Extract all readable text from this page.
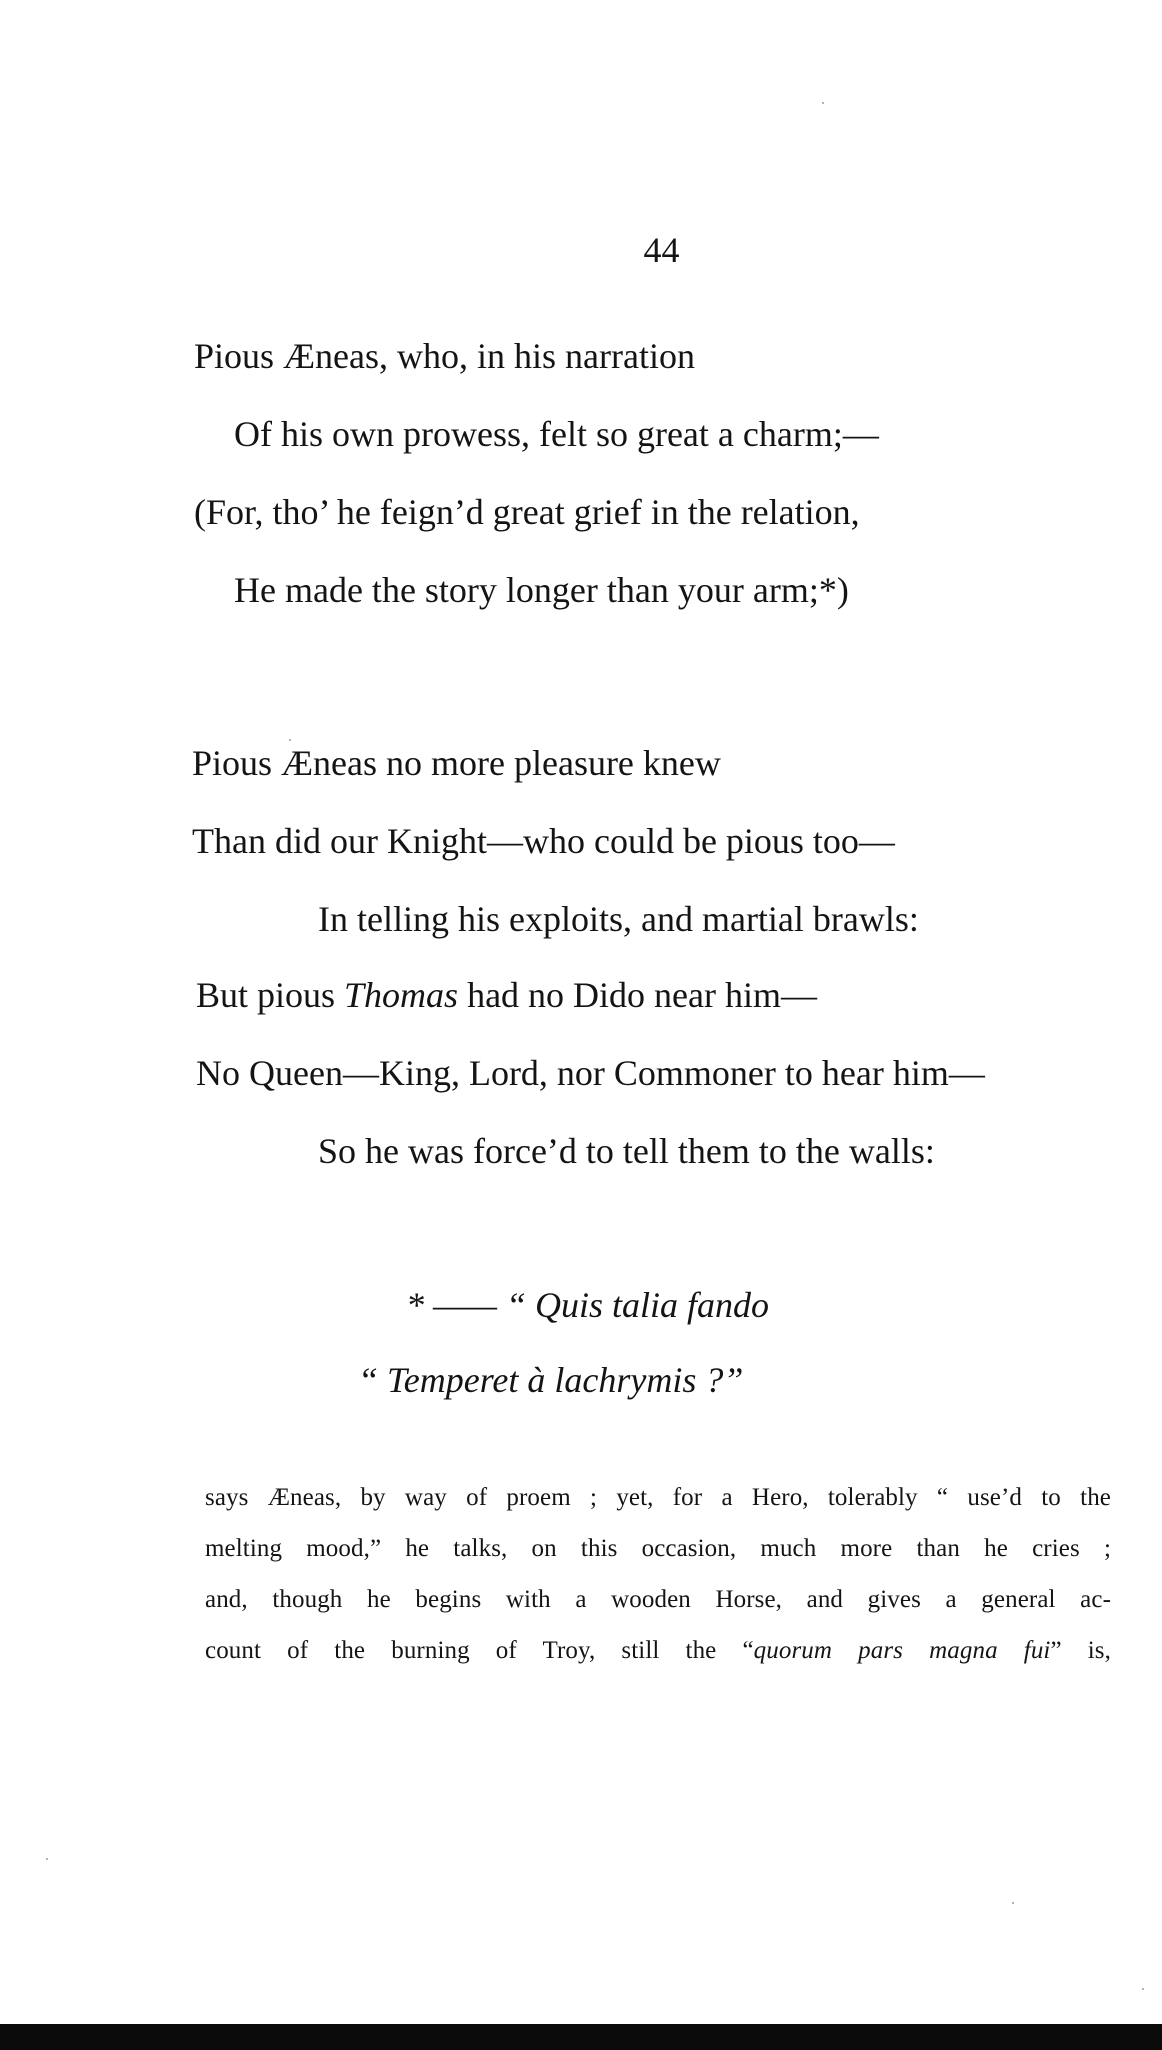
44
Pious Æneas, who, in his narration
Of his own prowess, felt so great a charm;—
(For, tho’ he feign’d great grief in the relation,
He made the story longer than your arm;*)
Pious Æneas no more pleasure knew
Than did our Knight—who could be pious too—
In telling his exploits, and martial brawls:
But pious Thomas had no Dido near him—
No Queen—King, Lord, nor Commoner to hear him—
So he was force’d to tell them to the walls:
* —— “ Quis talia fando
“ Temperet à lachrymis ?”
says Æneas, by way of proem ; yet, for a Hero, tolerably “ use’d to the
melting mood,” he talks, on this occasion, much more than he cries ;
and, though he begins with a wooden Horse, and gives a general ac-
count of the burning of Troy, still the “quorum pars magna fui” is,
